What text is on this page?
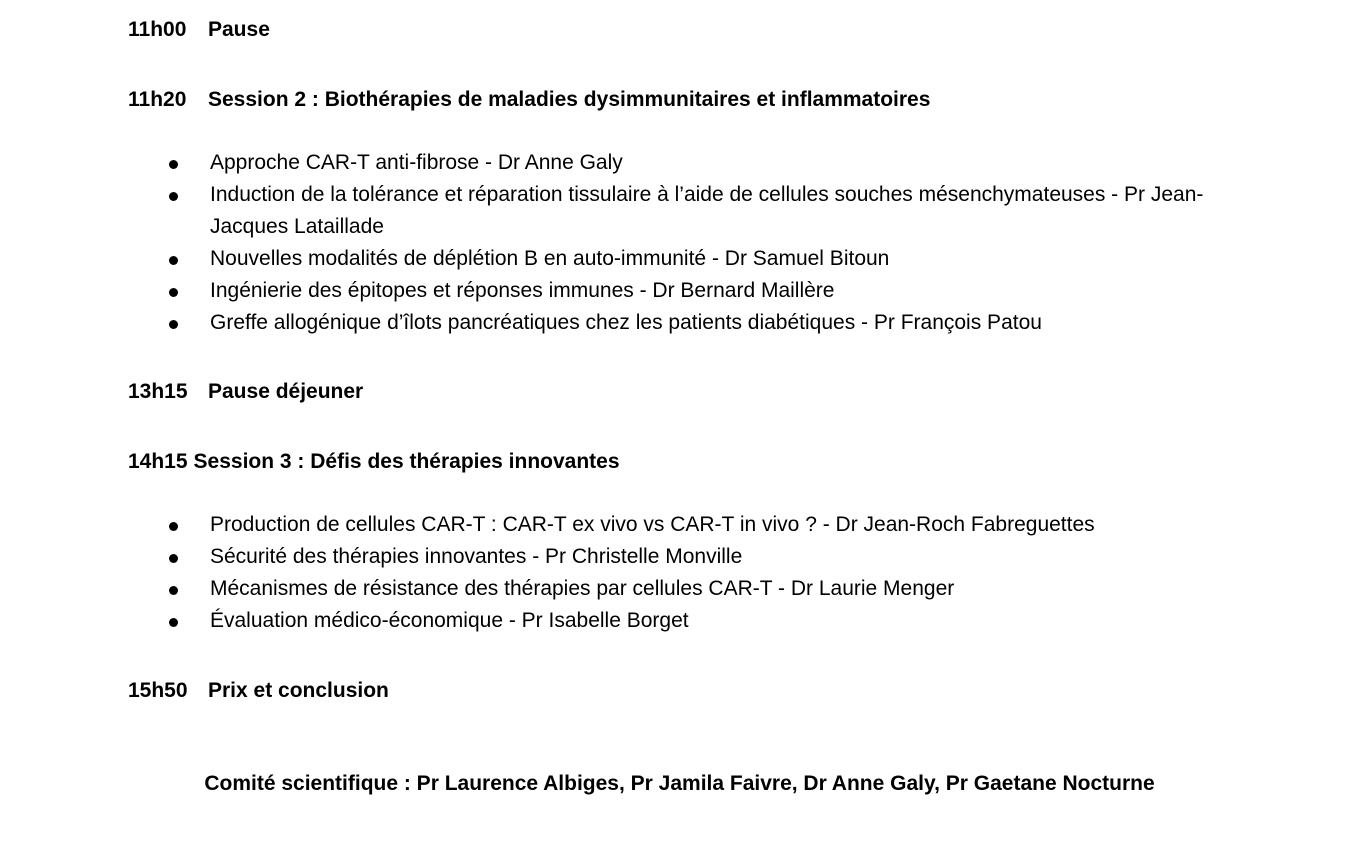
11h00 Pause
11h20 Session 2 : Biothérapies de maladies dysimmunitaires et inflammatoires
Approche CAR-T anti-fibrose - Dr Anne Galy
Induction de la tolérance et réparation tissulaire à l’aide de cellules souches mésenchymateuses - Pr Jean-Jacques Lataillade
Nouvelles modalités de déplétion B en auto-immunité - Dr Samuel Bitoun
Ingénierie des épitopes et réponses immunes - Dr Bernard Maillère
Greffe allogénique d’îlots pancréatiques chez les patients diabétiques - Pr François Patou
13h15 Pause déjeuner
14h15 Session 3 : Défis des thérapies innovantes
Production de cellules CAR-T : CAR-T ex vivo vs CAR-T in vivo ? - Dr Jean-Roch Fabreguettes
Sécurité des thérapies innovantes - Pr Christelle Monville
Mécanismes de résistance des thérapies par cellules CAR-T - Dr Laurie Menger
Évaluation médico-économique - Pr Isabelle Borget
15h50 Prix et conclusion
Comité scientifique : Pr Laurence Albiges, Pr Jamila Faivre, Dr Anne Galy, Pr Gaetane Nocturne
